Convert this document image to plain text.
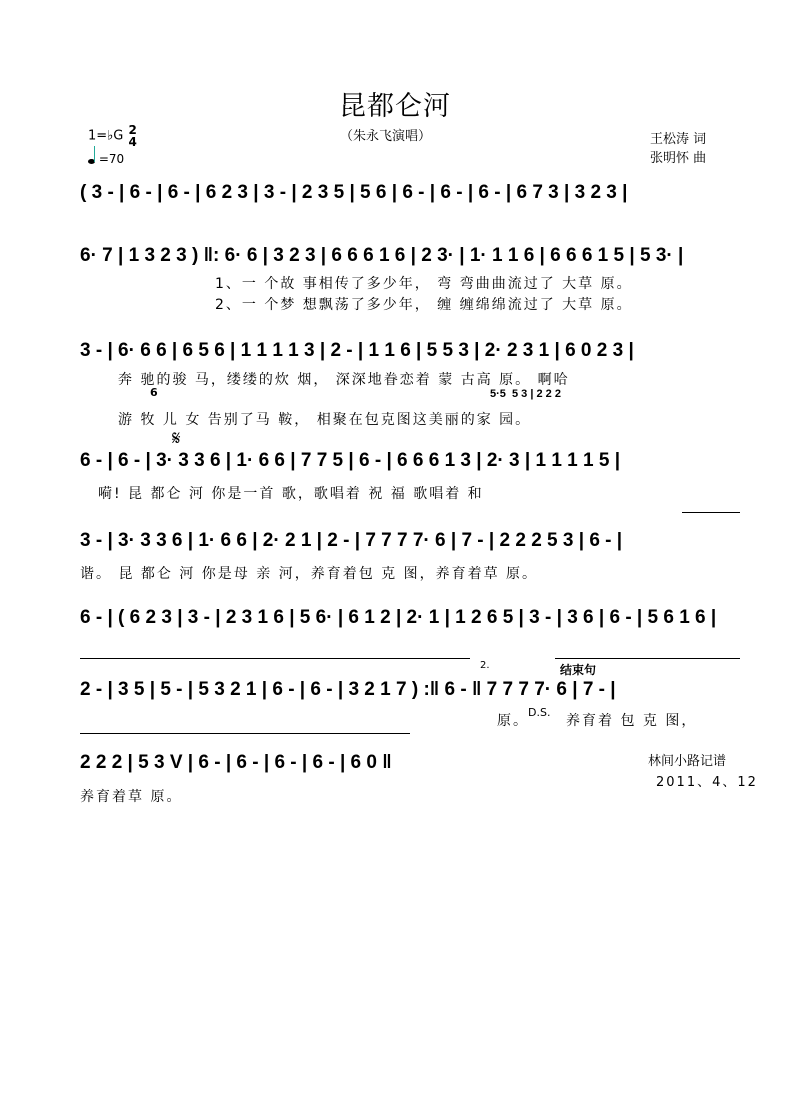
昆都仑河
（朱永飞演唱）	王松涛 词
张明怀 曲
1=♭G 2
4
=70
( 3 - | 6 - | 6 - | 6 2 3 | 3 - | 2 3 5 | 5 6 | 6 - | 6 - | 6 - | 6 7 3 | 3 2 3 |
6· 7 | 1 3 2 3 ) ‖: 6· 6 | 3 2 3 | 6 6 6 1 6 | 2 3· | 1· 1 1 6 | 6 6 6 1 5 | 5 3· |
1、一 个故 事相传了多少年， 弯 弯曲曲流过了 大草 原。
2、一 个梦 想飘荡了多少年， 缠 缠绵绵流过了 大草 原。
3 - | 6· 6 6 | 6 5 6 | 1 1 1 1 3 | 2 - | 1 1 6 | 5 5 3 | 2· 2 3 1 | 6 0 2 3 |
奔 驰的骏 马，缕缕的炊 烟， 深深地眷恋着 蒙 古高 原。 啊哈
6	5·5  5 3 | 2 2 2
游 牧 儿 女 告别了马 鞍， 相聚在包克图这美丽的家 园。
𝄋
6 - | 6 - | 3· 3 3 6 | 1· 6 6 | 7 7 5 | 6 - | 6 6 6 1 3 | 2· 3 | 1 1 1 1 5 |
嗬! 昆 都仑 河 你是一首 歌，歌唱着 祝 福 歌唱着 和
3 - | 3· 3 3 6 | 1· 6 6 | 2· 2 1 | 2 - | 7 7 7 7· 6 | 7 - | 2 2 2 5 3 | 6 - |
谐。 昆 都仑 河 你是母 亲 河，养育着包 克 图，养育着草 原。
6 - | ( 6 2 3 | 3 - | 2 3 1 6 | 5 6· | 6 1 2 | 2· 1 | 1 2 6 5 | 3 - | 3 6 | 6 - | 5 6 1 6 |
2.	结束句
2 - | 3 5 | 5 - | 5 3 2 1 | 6 - | 6 - | 3 2 1 7 ) :‖ 6 - ‖ 7 7 7 7· 6 | 7 - |
原。
D.S.
养育着 包 克 图，
2 2 2 | 5 3 V | 6 - | 6 - | 6 - | 6 - | 6 0 ‖
养育着草 原。
林间小路记谱
2011、4、12
